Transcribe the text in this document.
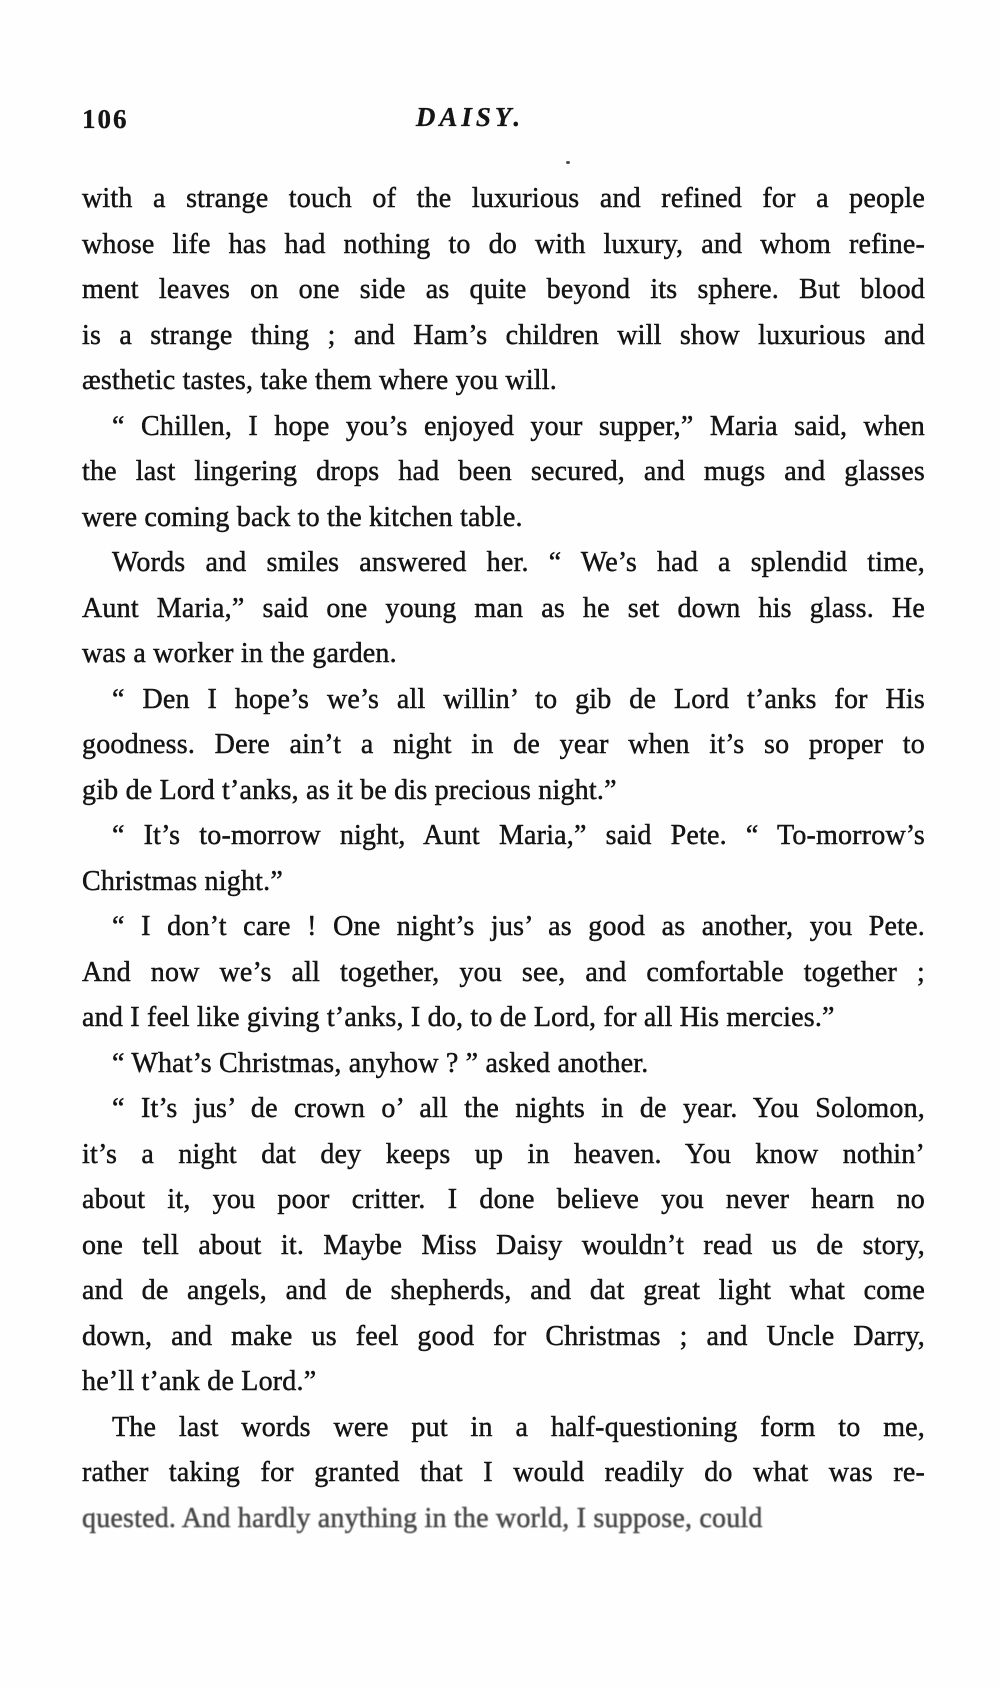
106	DAISY.
with a strange touch of the luxurious and refined for a people
whose life has had nothing to do with luxury, and whom refine-
ment leaves on one side as quite beyond its sphere. But blood
is a strange thing ; and Ham’s children will show luxurious and
æsthetic tastes, take them where you will.
“ Chillen, I hope you’s enjoyed your supper,” Maria said, when
the last lingering drops had been secured, and mugs and glasses
were coming back to the kitchen table.
Words and smiles answered her. “ We’s had a splendid time,
Aunt Maria,” said one young man as he set down his glass. He
was a worker in the garden.
“ Den I hope’s we’s all willin’ to gib de Lord t’anks for His
goodness. Dere ain’t a night in de year when it’s so proper to
gib de Lord t’anks, as it be dis precious night.”
“ It’s to-morrow night, Aunt Maria,” said Pete. “ To-morrow’s
Christmas night.”
“ I don’t care ! One night’s jus’ as good as another, you Pete.
And now we’s all together, you see, and comfortable together ;
and I feel like giving t’anks, I do, to de Lord, for all His mercies.”
“ What’s Christmas, anyhow ? ” asked another.
“ It’s jus’ de crown o’ all the nights in de year. You Solomon,
it’s a night dat dey keeps up in heaven. You know nothin’
about it, you poor critter. I done believe you never hearn no
one tell about it. Maybe Miss Daisy wouldn’t read us de story,
and de angels, and de shepherds, and dat great light what come
down, and make us feel good for Christmas ; and Uncle Darry,
he’ll t’ank de Lord.”
The last words were put in a half-questioning form to me,
rather taking for granted that I would readily do what was re-
quested. And hardly anything in the world, I suppose, could
